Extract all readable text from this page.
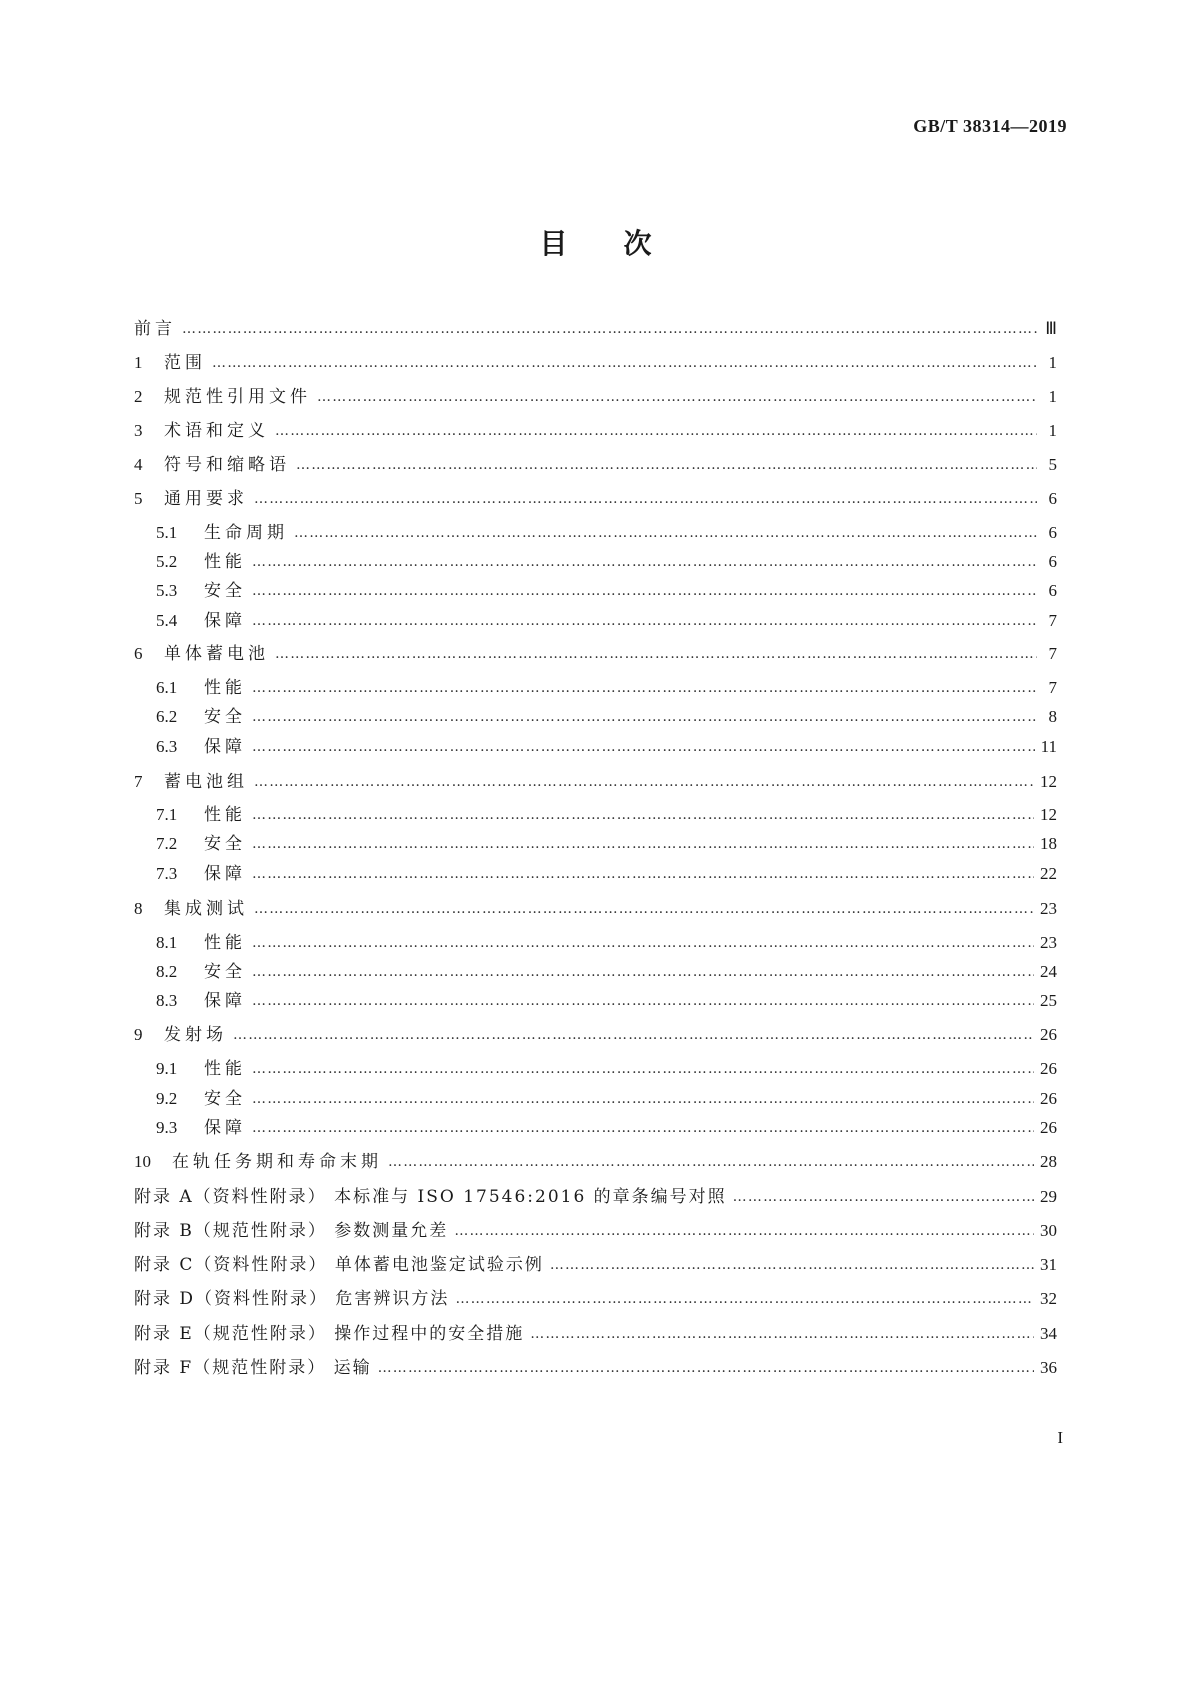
GB/T 38314—2019
目次
前言 ……………………………………………………………………………………………………………………………………………………………………………………………………………………………………………………………………………………………………………………	Ⅲ
1	范围 ……………………………………………………………………………………………………………………………………………………………………………………………………………………………………………………………………………………………………………………	1
2	规范性引用文件 ……………………………………………………………………………………………………………………………………………………………………………………………………………………………………………………………………………………………………………………	1
3	术语和定义 ……………………………………………………………………………………………………………………………………………………………………………………………………………………………………………………………………………………………………………………	1
4	符号和缩略语 ……………………………………………………………………………………………………………………………………………………………………………………………………………………………………………………………………………………………………………………	5
5	通用要求 ……………………………………………………………………………………………………………………………………………………………………………………………………………………………………………………………………………………………………………………	6
5.1	生命周期 ……………………………………………………………………………………………………………………………………………………………………………………………………………………………………………………………………………………………………………………	6
5.2	性能 ……………………………………………………………………………………………………………………………………………………………………………………………………………………………………………………………………………………………………………………	6
5.3	安全 ……………………………………………………………………………………………………………………………………………………………………………………………………………………………………………………………………………………………………………………	6
5.4	保障 ……………………………………………………………………………………………………………………………………………………………………………………………………………………………………………………………………………………………………………………	7
6	单体蓄电池 ……………………………………………………………………………………………………………………………………………………………………………………………………………………………………………………………………………………………………………………	7
6.1	性能 ……………………………………………………………………………………………………………………………………………………………………………………………………………………………………………………………………………………………………………………	7
6.2	安全 ……………………………………………………………………………………………………………………………………………………………………………………………………………………………………………………………………………………………………………………	8
6.3	保障 ……………………………………………………………………………………………………………………………………………………………………………………………………………………………………………………………………………………………………………………	11
7	蓄电池组 ……………………………………………………………………………………………………………………………………………………………………………………………………………………………………………………………………………………………………………………	12
7.1	性能 ……………………………………………………………………………………………………………………………………………………………………………………………………………………………………………………………………………………………………………………	12
7.2	安全 ……………………………………………………………………………………………………………………………………………………………………………………………………………………………………………………………………………………………………………………	18
7.3	保障 ……………………………………………………………………………………………………………………………………………………………………………………………………………………………………………………………………………………………………………………	22
8	集成测试 ……………………………………………………………………………………………………………………………………………………………………………………………………………………………………………………………………………………………………………………	23
8.1	性能 ……………………………………………………………………………………………………………………………………………………………………………………………………………………………………………………………………………………………………………………	23
8.2	安全 ……………………………………………………………………………………………………………………………………………………………………………………………………………………………………………………………………………………………………………………	24
8.3	保障 ……………………………………………………………………………………………………………………………………………………………………………………………………………………………………………………………………………………………………………………	25
9	发射场 ……………………………………………………………………………………………………………………………………………………………………………………………………………………………………………………………………………………………………………………	26
9.1	性能 ……………………………………………………………………………………………………………………………………………………………………………………………………………………………………………………………………………………………………………………	26
9.2	安全 ……………………………………………………………………………………………………………………………………………………………………………………………………………………………………………………………………………………………………………………	26
9.3	保障 ……………………………………………………………………………………………………………………………………………………………………………………………………………………………………………………………………………………………………………………	26
10	在轨任务期和寿命末期 ……………………………………………………………………………………………………………………………………………………………………………………………………………………………………………………………………………………………………………………	28
附录 A（资料性附录） 本标准与 ISO 17546:2016 的章条编号对照 ……………………………………………………………………………………………………………………………………………………………………………………………………………………………………………………………………………………………………………………	29
附录 B（规范性附录） 参数测量允差 ……………………………………………………………………………………………………………………………………………………………………………………………………………………………………………………………………………………………………………………	30
附录 C（资料性附录） 单体蓄电池鉴定试验示例 ……………………………………………………………………………………………………………………………………………………………………………………………………………………………………………………………………………………………………………………	31
附录 D（资料性附录） 危害辨识方法 ……………………………………………………………………………………………………………………………………………………………………………………………………………………………………………………………………………………………………………………	32
附录 E（规范性附录） 操作过程中的安全措施 ……………………………………………………………………………………………………………………………………………………………………………………………………………………………………………………………………………………………………………………	34
附录 F（规范性附录） 运输 ……………………………………………………………………………………………………………………………………………………………………………………………………………………………………………………………………………………………………………………	36
I
